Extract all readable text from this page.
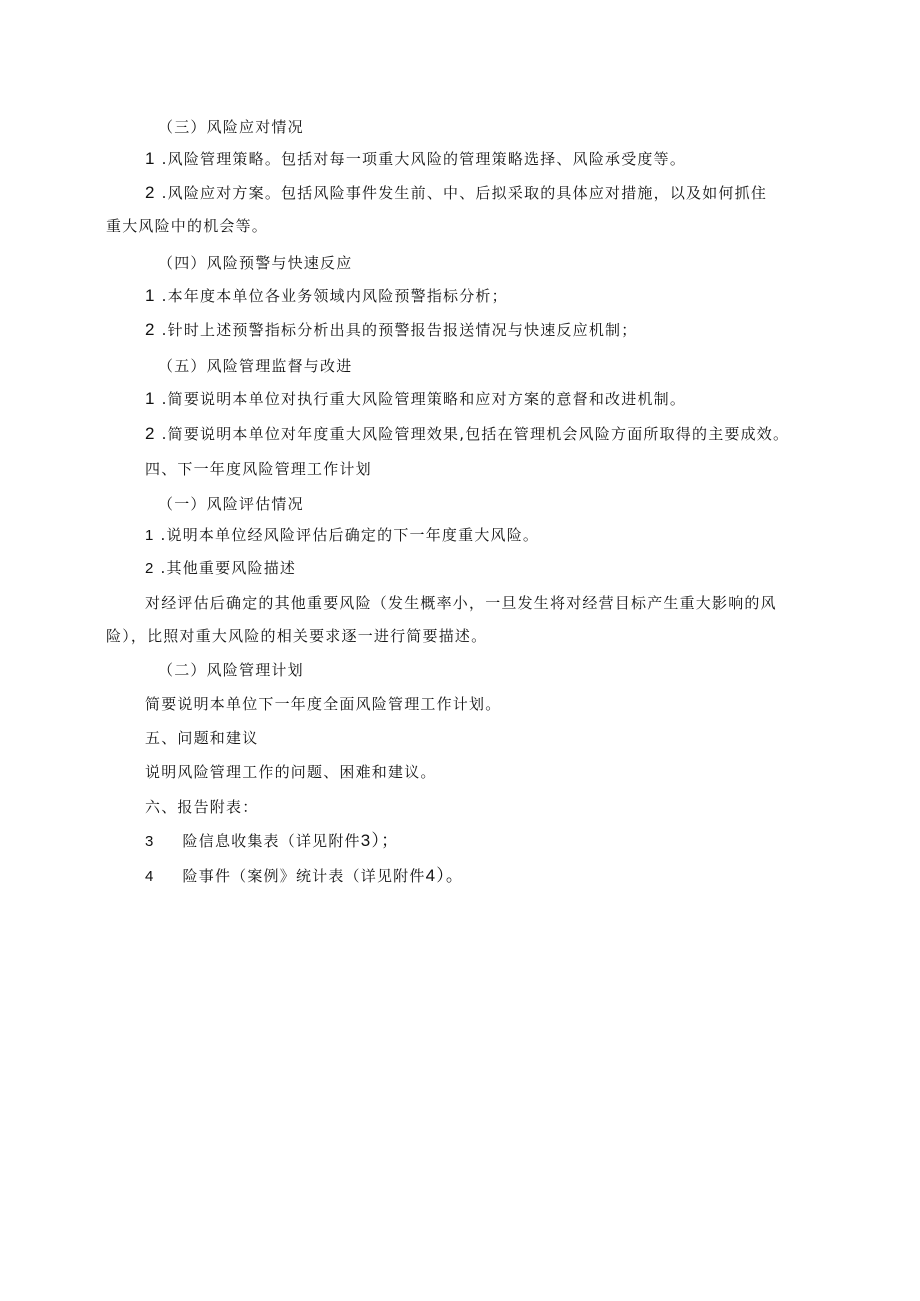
（三）风险应对情况
1 .风险管理策略。包括对每一项重大风险的管理策略选择、风险承受度等。
2 .风险应对方案。包括风险事件发生前、中、后拟采取的具体应对措施，以及如何抓住
重大风险中的机会等。
（四）风险预警与快速反应
1 .本年度本单位各业务领域内风险预警指标分析；
2 .针时上述预警指标分析出具的预警报告报送情况与快速反应机制；
（五）风险管理监督与改进
1 .简要说明本单位对执行重大风险管理策略和应对方案的意督和改进机制。
2 .简要说明本单位对年度重大风险管理效果,包括在管理机会风险方面所取得的主要成效。
四、下一年度风险管理工作计划
（一）风险评估情况
1 .说明本单位经风险评估后确定的下一年度重大风险。
2 .其他重要风险描述
对经评估后确定的其他重要风险（发生概率小，一旦发生将对经营目标产生重大影响的风
险），比照对重大风险的相关要求逐一进行简要描述。
（二）风险管理计划
简要说明本单位下一年度全面风险管理工作计划。
五、问题和建议
说明风险管理工作的问题、困难和建议。
六、报告附表：
3 险信息收集表（详见附件3）；
4 险事件（案例》统计表（详见附件4）。
